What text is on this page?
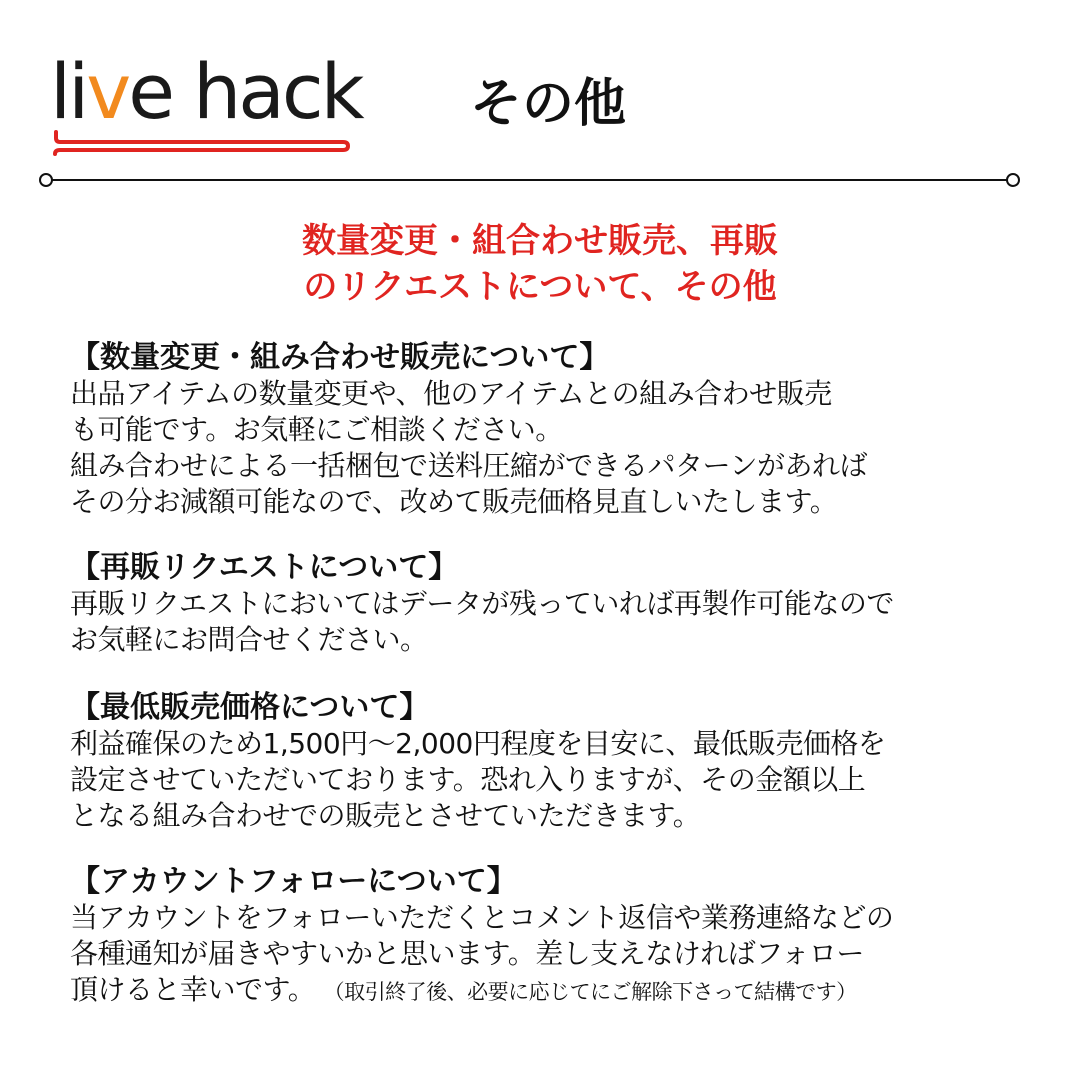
live hack その他
数量変更・組合わせ販売、再販
のリクエストについて、その他
【数量変更・組み合わせ販売について】
出品アイテムの数量変更や、他のアイテムとの組み合わせ販売
も可能です。お気軽にご相談ください。
組み合わせによる一括梱包で送料圧縮ができるパターンがあれば
その分お減額可能なので、改めて販売価格見直しいたします。
【再販リクエストについて】
再販リクエストにおいてはデータが残っていれば再製作可能なので
お気軽にお問合せください。
【最低販売価格について】
利益確保のため1,500円〜2,000円程度を目安に、最低販売価格を
設定させていただいております。恐れ入りますが、その金額以上
となる組み合わせでの販売とさせていただきます。
【アカウントフォローについて】
当アカウントをフォローいただくとコメント返信や業務連絡などの
各種通知が届きやすいかと思います。差し支えなければフォロー
頂けると幸いです。 （取引終了後、必要に応じてにご解除下さって結構です）
